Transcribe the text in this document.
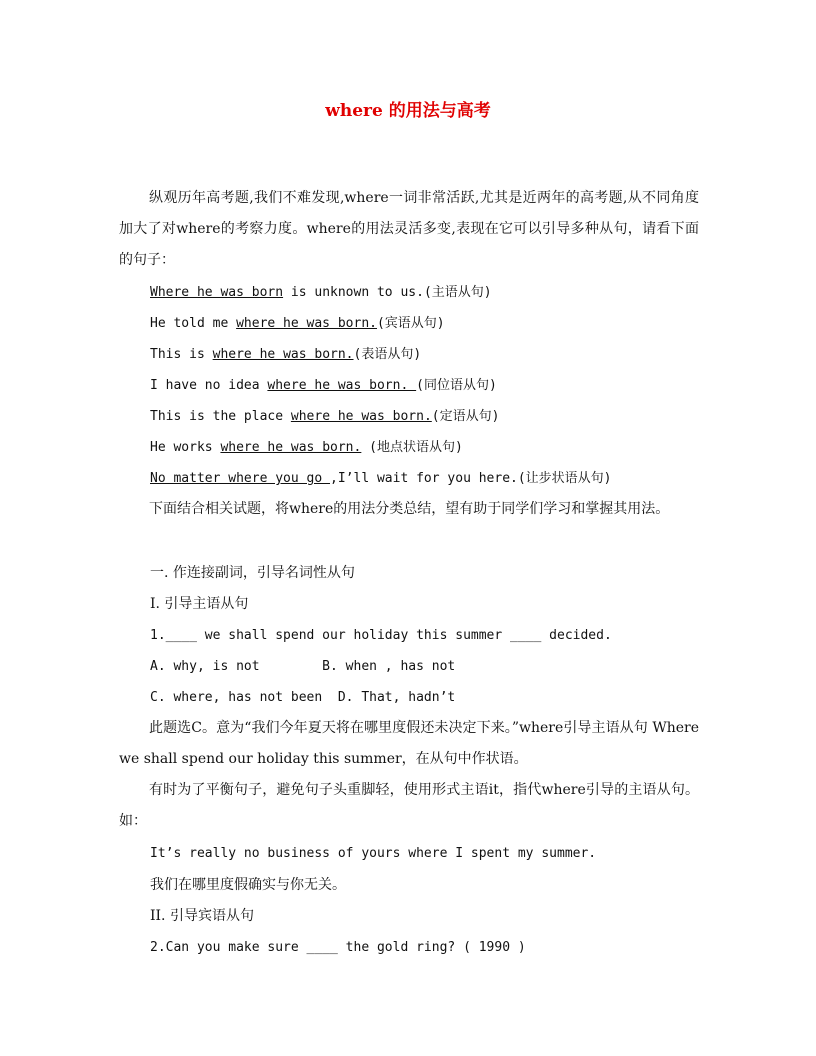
where 的用法与高考
纵观历年高考题,我们不难发现,where一词非常活跃,尤其是近两年的高考题,从不同角度加大了对where的考察力度。where的用法灵活多变,表现在它可以引导多种从句，请看下面的句子：
Where he was born is unknown to us.(主语从句)
He told me where he was born.(宾语从句)
This is where he was born.(表语从句)
I have no idea where he was born. (同位语从句)
This is the place where he was born.(定语从句)
He works where he was born. (地点状语从句)
No matter where you go ,I’ll wait for you here.(让步状语从句)
下面结合相关试题，将where的用法分类总结，望有助于同学们学习和掌握其用法。
一. 作连接副词，引导名词性从句
I. 引导主语从句
1.____ we shall spend our holiday this summer ____ decided.
A. why, is not        B. when , has not
C. where, has not been  D. That, hadn’t
此题选C。意为“我们今年夏天将在哪里度假还未决定下来。”where引导主语从句 Where we shall spend our holiday this summer，在从句中作状语。
有时为了平衡句子，避免句子头重脚轻，使用形式主语it，指代where引导的主语从句。如：
It’s really no business of yours where I spent my summer.
我们在哪里度假确实与你无关。
II. 引导宾语从句
2.Can you make sure ____ the gold ring? ( 1990 )
